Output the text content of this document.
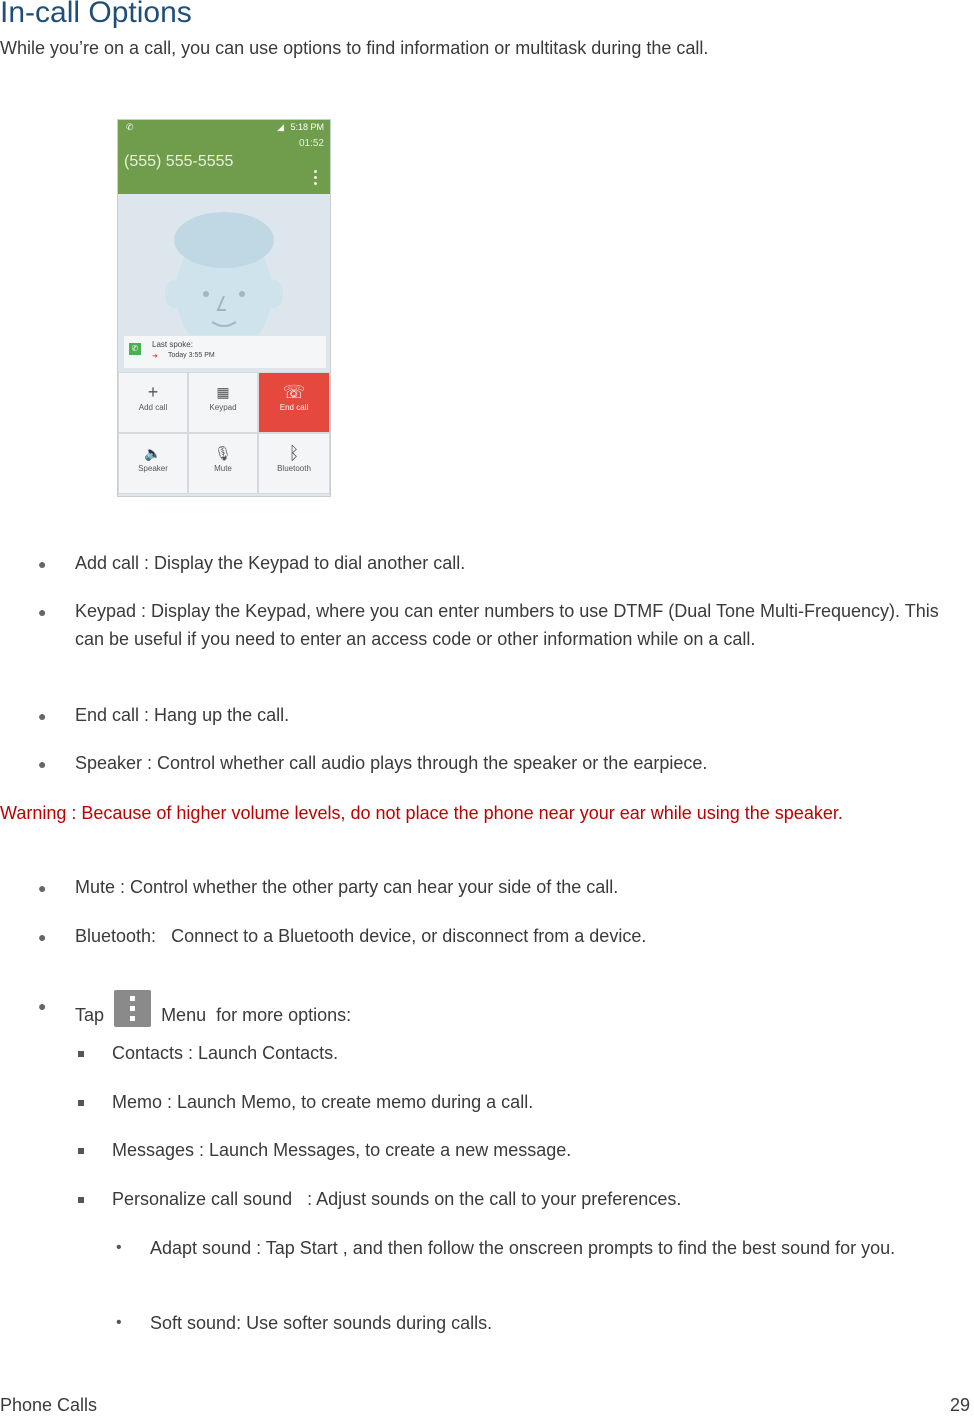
In-call Options
While you’re on a call, you can use options to find information or multitask during the call.
✆	5:18 PM
◢
01:52
(555) 555-5555
✆	Last spoke:
➜ Today 3:55 PM
+
Add call
▦
Keypad
☏
End call
🔈
Speaker
🎙
Mute
ᛒ
Bluetooth
● Add call : Display the Keypad to dial another call.
● Keypad : Display the Keypad, where you can enter numbers to use DTMF (Dual Tone Multi-Frequency). This can be useful if you need to enter an access code or other information while on a call.
● End call : Hang up the call.
● Speaker : Control whether call audio plays through the speaker or the earpiece.
Warning : Because of higher volume levels, do not place the phone near your ear while using the speaker.
● Mute : Control whether the other party can hear your side of the call.
● Bluetooth:   Connect to a Bluetooth device, or disconnect from a device.
● Tap	Menu  for more options:
Contacts : Launch Contacts.
Memo : Launch Memo, to create memo during a call.
Messages : Launch Messages, to create a new message.
Personalize call sound   : Adjust sounds on the call to your preferences.
• Adapt sound : Tap Start , and then follow the onscreen prompts to find the best sound for you.
• Soft sound: Use softer sounds during calls.
Phone Calls	29
